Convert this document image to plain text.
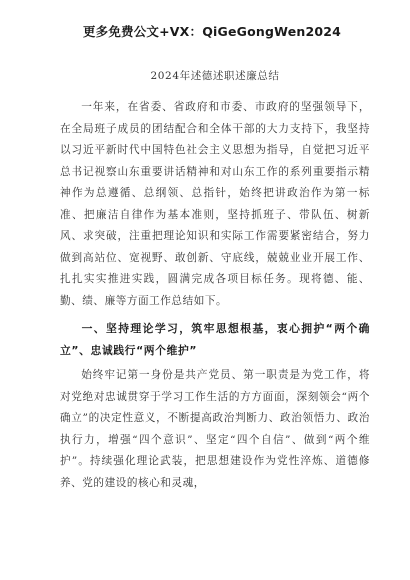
更多免费公文+VX：QiGeGongWen2024
2024年述德述职述廉总结

一年来，在省委、省政府和市委、市政府的坚强领导下，在全局班子成员的团结配合和全体干部的大力支持下，我坚持以习近平新时代中国特色社会主义思想为指导，自觉把习近平总书记视察山东重要讲话精神和对山东工作的系列重要指示精神作为总遵循、总纲领、总指针，始终把讲政治作为第一标准、把廉洁自律作为基本准则，坚持抓班子、带队伍、树新风、求突破，注重把理论知识和实际工作需要紧密结合，努力做到高站位、宽视野、敢创新、守底线，兢兢业业开展工作、扎扎实实推进实践，圆满完成各项目标任务。现将德、能、勤、绩、廉等方面工作总结如下。

一、坚持理论学习，筑牢思想根基，衷心拥护“两个确立”、忠诚践行“两个维护”

始终牢记第一身份是共产党员、第一职责是为党工作，将对党绝对忠诚贯穿于学习工作生活的方方面面，深刻领会“两个确立”的决定性意义，不断提高政治判断力、政治领悟力、政治执行力，增强“四个意识”、坚定“四个自信”、做到“两个维护”。持续强化理论武装，把思想建设作为党性淬炼、道德修养、党的建设的核心和灵魂，
